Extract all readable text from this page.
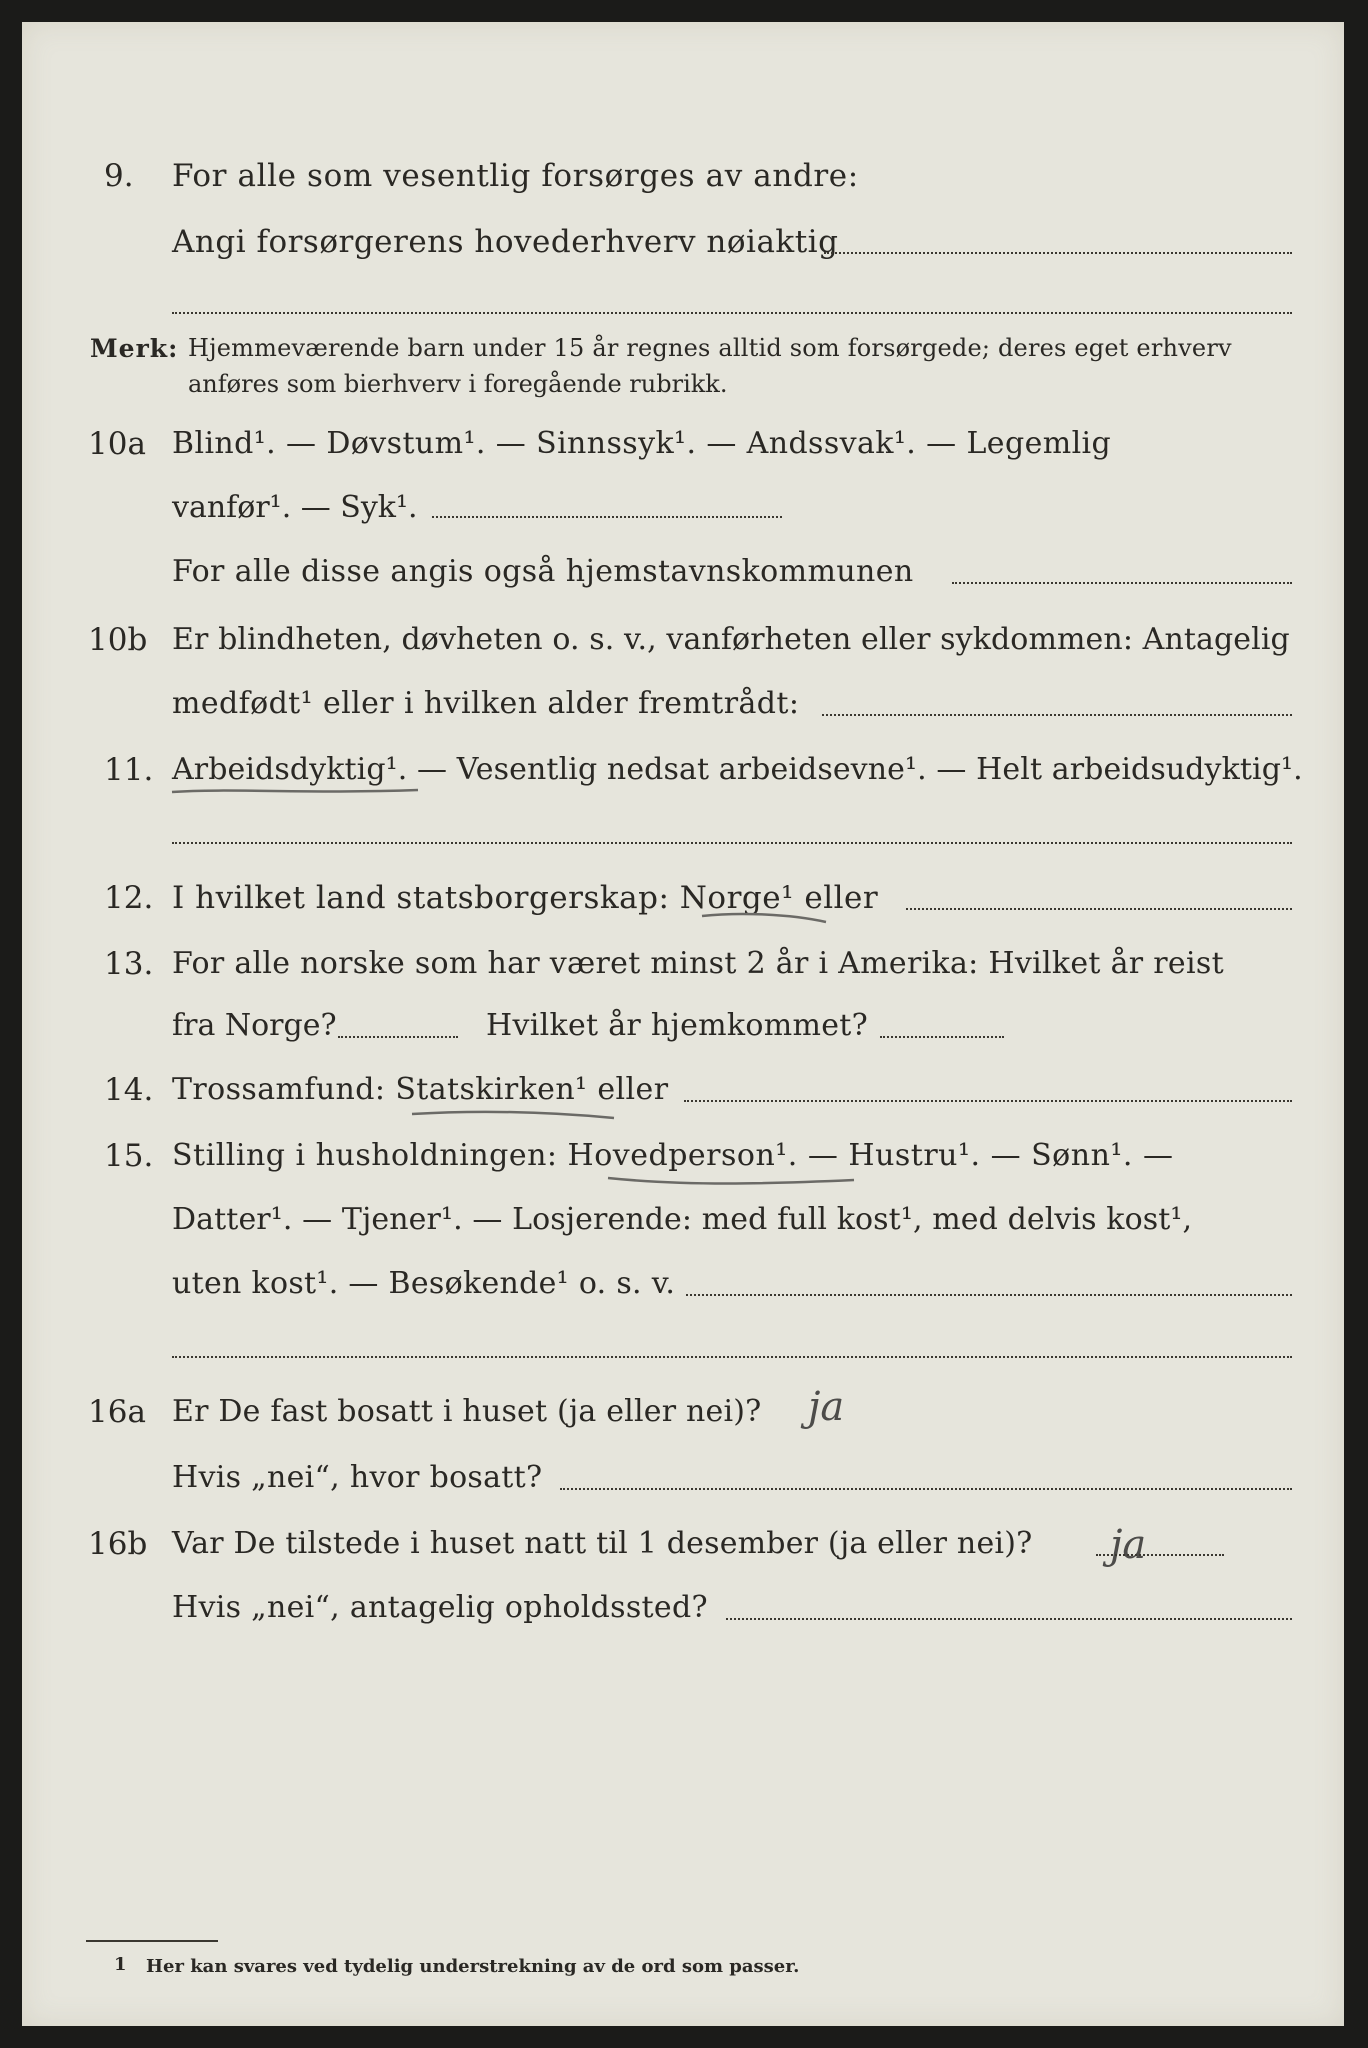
9. For alle som vesentlig forsørges av andre:
Angi forsørgerens hovederhverv nøiaktig
Merk: Hjemmeværende barn under 15 år regnes alltid som forsørgede; deres eget erhverv
anføres som bierhverv i foregående rubrikk.
10a Blind¹. — Døvstum¹. — Sinnssyk¹. — Andssvak¹. — Legemlig
vanfør¹. — Syk¹.
For alle disse angis også hjemstavnskommunen
10b Er blindheten, døvheten o. s. v., vanførheten eller sykdommen: Antagelig
medfødt¹ eller i hvilken alder fremtrådt:
11. Arbeidsdyktig¹. — Vesentlig nedsat arbeidsevne¹. — Helt arbeidsudyktig¹.
12. I hvilket land statsborgerskap: Norge¹ eller
13. For alle norske som har været minst 2 år i Amerika: Hvilket år reist
fra Norge?	Hvilket år hjemkommet?
14. Trossamfund: Statskirken¹ eller
15. Stilling i husholdningen: Hovedperson¹. — Hustru¹. — Sønn¹. —
Datter¹. — Tjener¹. — Losjerende: med full kost¹, med delvis kost¹,
uten kost¹. — Besøkende¹ o. s. v.
16a Er De fast bosatt i huset (ja eller nei)? ja
Hvis „nei“, hvor bosatt?
16b Var De tilstede i huset natt til 1 desember (ja eller nei)? ja
Hvis „nei“, antagelig opholdssted?
1 Her kan svares ved tydelig understrekning av de ord som passer.
